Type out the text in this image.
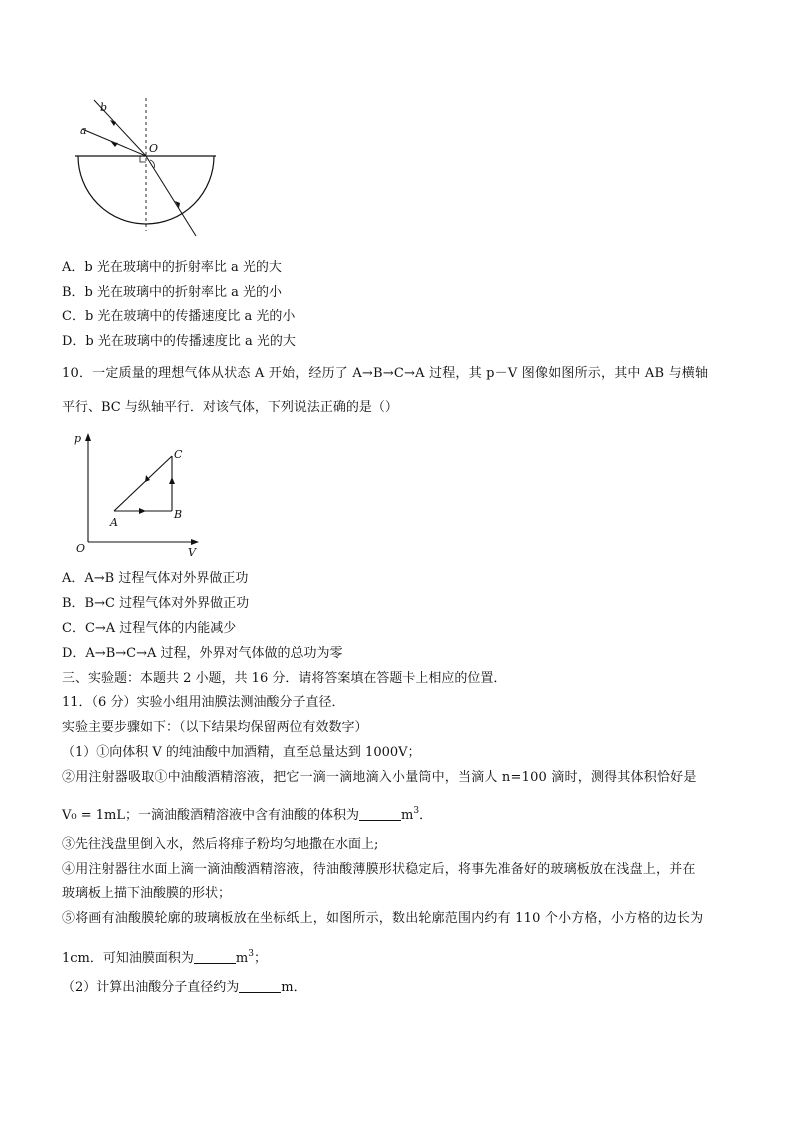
b
a
O
A．b 光在玻璃中的折射率比 a 光的大
B．b 光在玻璃中的折射率比 a 光的小
C．b 光在玻璃中的传播速度比 a 光的小
D．b 光在玻璃中的传播速度比 a 光的大
10．一定质量的理想气体从状态 A 开始，经历了 A→B→C→A 过程，其 p－V 图像如图所示，其中 AB 与横轴
平行、BC 与纵轴平行．对该气体，下列说法正确的是（）
p
V
O
A
B
C
A．A→B 过程气体对外界做正功
B．B→C 过程气体对外界做正功
C．C→A 过程气体的内能减少
D．A→B→C→A 过程，外界对气体做的总功为零
三、实验题：本题共 2 小题，共 16 分．请将答案填在答题卡上相应的位置．
11．（6 分）实验小组用油膜法测油酸分子直径．
实验主要步骤如下：（以下结果均保留两位有效数字）
（1）①向体积 V 的纯油酸中加酒精，直至总量达到 1000V；
②用注射器吸取①中油酸酒精溶液，把它一滴一滴地滴入小量筒中，当滴人 n=100 滴时，测得其体积恰好是
V₀ = 1mL；一滴油酸酒精溶液中含有油酸的体积为	$m^3$．
③先往浅盘里倒入水，然后将痱子粉均匀地撒在水面上;
④用注射器往水面上滴一滴油酸酒精溶液，待油酸薄膜形状稳定后，将事先准备好的玻璃板放在浅盘上，并在
玻璃板上描下油酸膜的形状；
⑤将画有油酸膜轮廓的玻璃板放在坐标纸上，如图所示，数出轮廓范围内约有 110 个小方格，小方格的边长为
1cm．可知油膜面积为	$m^3$；
（2）计算出油酸分子直径约为	m．
